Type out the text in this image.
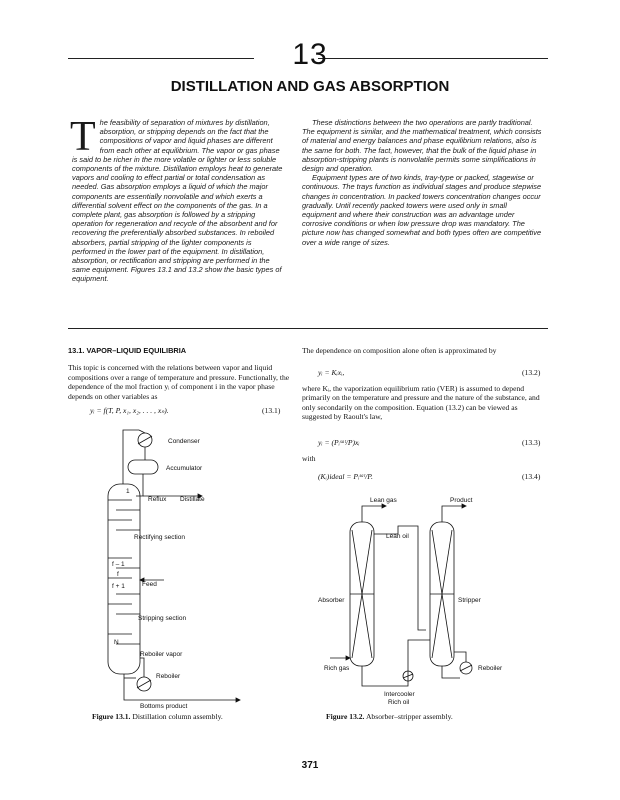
13
DISTILLATION AND GAS ABSORPTION

The feasibility of separation of mixtures by distillation, absorption, or stripping depends on the fact that the compositions of vapor and liquid phases are different from each other at equilibrium. The vapor or gas phase is said to be richer in the more volatile or lighter or less soluble components of the mixture. Distillation employs heat to generate vapors and cooling to effect partial or total condensation as needed. Gas absorption employs a liquid of which the major components are essentially nonvolatile and which exerts a differential solvent effect on the components of the gas. In a complete plant, gas absorption is followed by a stripping operation for regeneration and recycle of the absorbent and for recovering the preferentially absorbed substances. In reboiled absorbers, partial stripping of the lighter components is performed in the lower part of the equipment. In distillation, absorption, or rectification and stripping are performed in the same equipment. Figures 13.1 and 13.2 show the basic types of equipment.

These distinctions between the two operations are partly traditional. The equipment is similar, and the mathematical treatment, which consists of material and energy balances and phase equilibrium relations, also is the same for both. The fact, however, that the bulk of the liquid phase in absorption-stripping plants is nonvolatile permits some simplifications in design and operation.

Equipment types are of two kinds, tray-type or packed, stagewise or continuous. The trays function as individual stages and produce stepwise changes in concentration. In packed towers concentration changes occur gradually. Until recently packed towers were used only in small equipment and where their construction was an advantage under corrosive conditions or when low pressure drop was mandatory. The picture now has changed somewhat and both types often are competitive over a wide range of sizes.

13.1. VAPOR–LIQUID EQUILIBRIA

This topic is concerned with the relations between vapor and liquid compositions over a range of temperature and pressure. Functionally, the dependence of the mol fraction yᵢ of component i in the vapor phase depends on other variables as

yᵢ = f(T, P, x₁, x₂, . . . , xₙ).	(13.1)
The dependence on composition alone often is approximated by
yᵢ = Kᵢxᵢ,	(13.2)
where Kᵢ, the vaporization equilibrium ratio (VER) is assumed to depend primarily on the temperature and pressure and the nature of the substance, and only secondarily on the composition. Equation (13.2) can be viewed as suggested by Raoult's law,
yᵢ = (Pᵢˢᵃᵗ/P)xᵢ	(13.3)
with
(Kᵢ)ideal = Pᵢˢᵃᵗ/P.	(13.4)
Condenser
Accumulator
1
Reflux Distillate
Rectifying section
f – 1
f
f + 1	Feed
Stripping section
N
Reboiler vapor
Reboiler
Bottoms product
Lean gas	Product
Lean oil
Absorber	Stripper
Rich gas	Reboiler
Intercooler
Rich oil
Figure 13.1. Distillation column assembly.	Figure 13.2. Absorber–stripper assembly.
371
